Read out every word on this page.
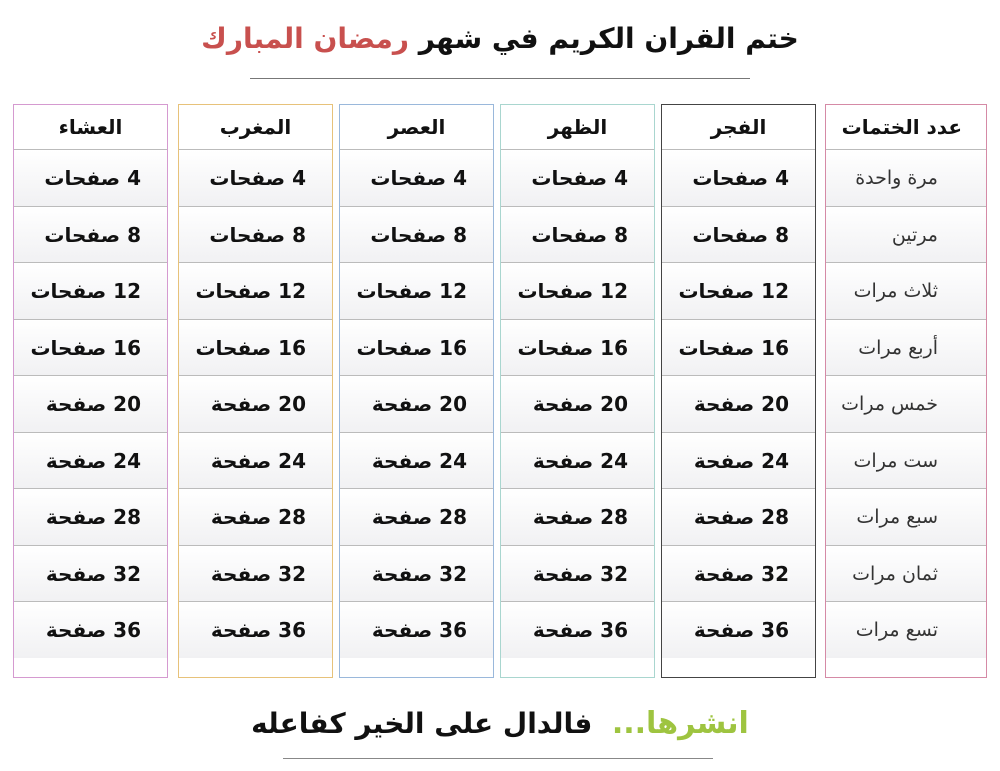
ختم القران الكريم في شهر رمضان المبارك
العشاء
4 صفحات
8 صفحات
12 صفحات
16 صفحات
20 صفحة
24 صفحة
28 صفحة
32 صفحة
36 صفحة
المغرب
4 صفحات
8 صفحات
12 صفحات
16 صفحات
20 صفحة
24 صفحة
28 صفحة
32 صفحة
36 صفحة
العصر
4 صفحات
8 صفحات
12 صفحات
16 صفحات
20 صفحة
24 صفحة
28 صفحة
32 صفحة
36 صفحة
الظهر
4 صفحات
8 صفحات
12 صفحات
16 صفحات
20 صفحة
24 صفحة
28 صفحة
32 صفحة
36 صفحة
الفجر
4 صفحات
8 صفحات
12 صفحات
16 صفحات
20 صفحة
24 صفحة
28 صفحة
32 صفحة
36 صفحة
عدد الختمات
مرة واحدة
مرتين
ثلاث مرات
أربع مرات
خمس مرات
ست مرات
سبع مرات
ثمان مرات
تسع مرات
انشرها...  فالدال على الخير كفاعله
